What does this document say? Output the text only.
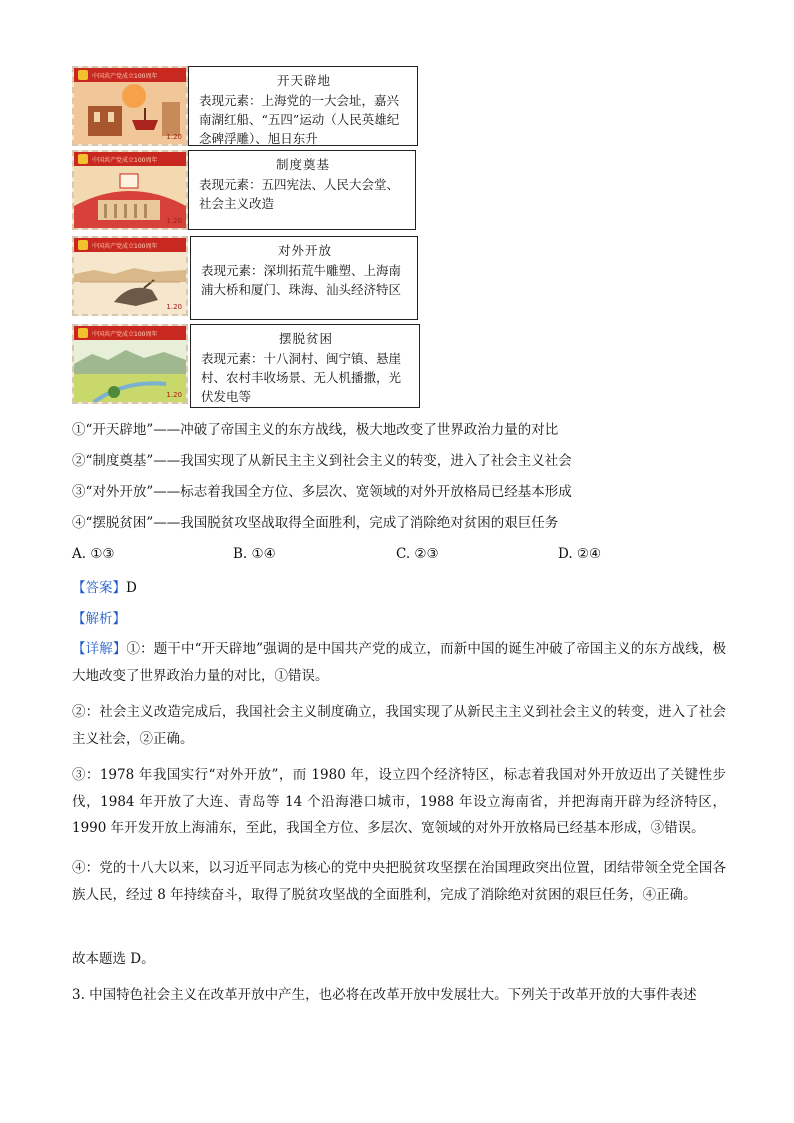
中国共产党成立100周年
1.20
开天辟地
表现元素：上海党的一大会址，嘉兴南湖红船、“五四”运动（人民英雄纪念碑浮雕）、旭日东升
中国共产党成立100周年
1.20
制度奠基
表现元素：五四宪法、人民大会堂、社会主义改造
中国共产党成立100周年
1.20
对外开放
表现元素：深圳拓荒牛雕塑、上海南浦大桥和厦门、珠海、汕头经济特区
中国共产党成立100周年
1.20
摆脱贫困
表现元素：十八洞村、闽宁镇、悬崖村、农村丰收场景、无人机播撒，光伏发电等
①“开天辟地”——冲破了帝国主义的东方战线，极大地改变了世界政治力量的对比
②“制度奠基”——我国实现了从新民主主义到社会主义的转变，进入了社会主义社会
③“对外开放”——标志着我国全方位、多层次、宽领域的对外开放格局已经基本形成
④“摆脱贫困”——我国脱贫攻坚战取得全面胜利，完成了消除绝对贫困的艰巨任务
A. ①③	B. ①④	C. ②③	D. ②④
【答案】D
【解析】
【详解】①：题干中“开天辟地”强调的是中国共产党的成立，而新中国的诞生冲破了帝国主义的东方战线，极大地改变了世界政治力量的对比，①错误。
②：社会主义改造完成后，我国社会主义制度确立，我国实现了从新民主主义到社会主义的转变，进入了社会主义社会，②正确。
③：1978 年我国实行“对外开放”，而 1980 年，设立四个经济特区，标志着我国对外开放迈出了关键性步伐，1984 年开放了大连、青岛等 14 个沿海港口城市，1988 年设立海南省，并把海南开辟为经济特区，1990 年开发开放上海浦东，至此，我国全方位、多层次、宽领域的对外开放格局已经基本形成，③错误。
④：党的十八大以来，以习近平同志为核心的党中央把脱贫攻坚摆在治国理政突出位置，团结带领全党全国各族人民，经过 8 年持续奋斗，取得了脱贫攻坚战的全面胜利，完成了消除绝对贫困的艰巨任务，④正确。
故本题选 D。
3. 中国特色社会主义在改革开放中产生，也必将在改革开放中发展壮大。下列关于改革开放的大事件表述
